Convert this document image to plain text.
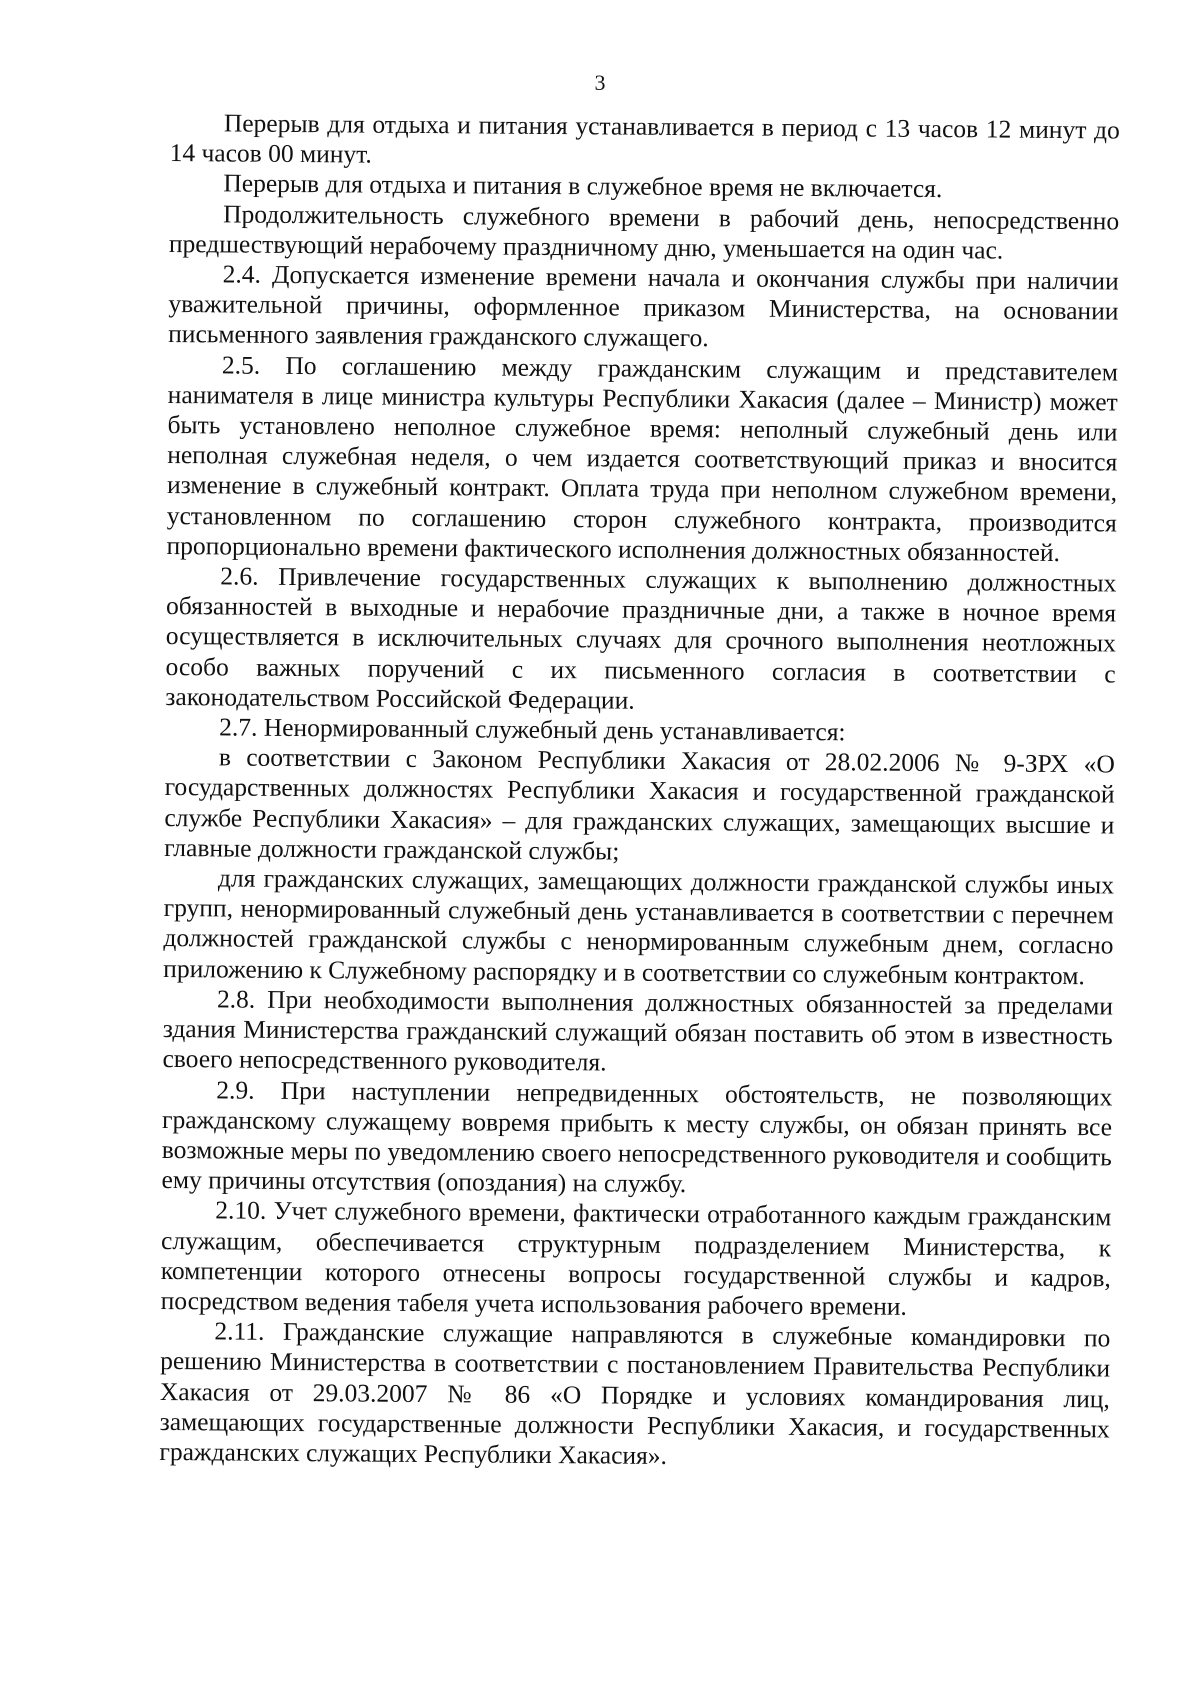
3

Перерыв для отдыха и питания устанавливается в период с 13 часов 12 минут до 14 часов 00 минут.

Перерыв для отдыха и питания в служебное время не включается.

Продолжительность служебного времени в рабочий день, непосредственно предшествующий нерабочему праздничному дню, уменьшается на один час.

2.4. Допускается изменение времени начала и окончания службы при наличии уважительной причины, оформленное приказом Министерства, на основании письменного заявления гражданского служащего.

2.5. По соглашению между гражданским служащим и представителем нанимателя в лице министра культуры Республики Хакасия (далее – Министр) может быть установлено неполное служебное время: неполный служебный день или неполная служебная неделя, о чем издается соответствующий приказ и вносится изменение в служебный контракт. Оплата труда при неполном служебном времени, установленном по соглашению сторон служебного контракта, производится пропорционально времени фактического исполнения должностных обязанностей.

2.6. Привлечение государственных служащих к выполнению должностных обязанностей в выходные и нерабочие праздничные дни, а также в ночное время осуществляется в исключительных случаях для срочного выполнения неотложных особо важных поручений с их письменного согласия в соответствии с законодательством Российской Федерации.

2.7. Ненормированный служебный день устанавливается:

в соответствии с Законом Республики Хакасия от 28.02.2006 № 9-ЗРХ «О государственных должностях Республики Хакасия и государственной гражданской службе Республики Хакасия» – для гражданских служащих, замещающих высшие и главные должности гражданской службы;

для гражданских служащих, замещающих должности гражданской службы иных групп, ненормированный служебный день устанавливается в соответствии с перечнем должностей гражданской службы с ненормированным служебным днем, согласно приложению к Служебному распорядку и в соответствии со служебным контрактом.

2.8. При необходимости выполнения должностных обязанностей за пределами здания Министерства гражданский служащий обязан поставить об этом в известность своего непосредственного руководителя.

2.9. При наступлении непредвиденных обстоятельств, не позволяющих гражданскому служащему вовремя прибыть к месту службы, он обязан принять все возможные меры по уведомлению своего непосредственного руководителя и сообщить ему причины отсутствия (опоздания) на службу.

2.10. Учет служебного времени, фактически отработанного каждым гражданским служащим, обеспечивается структурным подразделением Министерства, к компетенции которого отнесены вопросы государственной службы и кадров, посредством ведения табеля учета использования рабочего времени.

2.11. Гражданские служащие направляются в служебные командировки по решению Министерства в соответствии с постановлением Правительства Республики Хакасия от 29.03.2007 № 86 «О Порядке и условиях командирования лиц, замещающих государственные должности Республики Хакасия, и государственных гражданских служащих Республики Хакасия».
